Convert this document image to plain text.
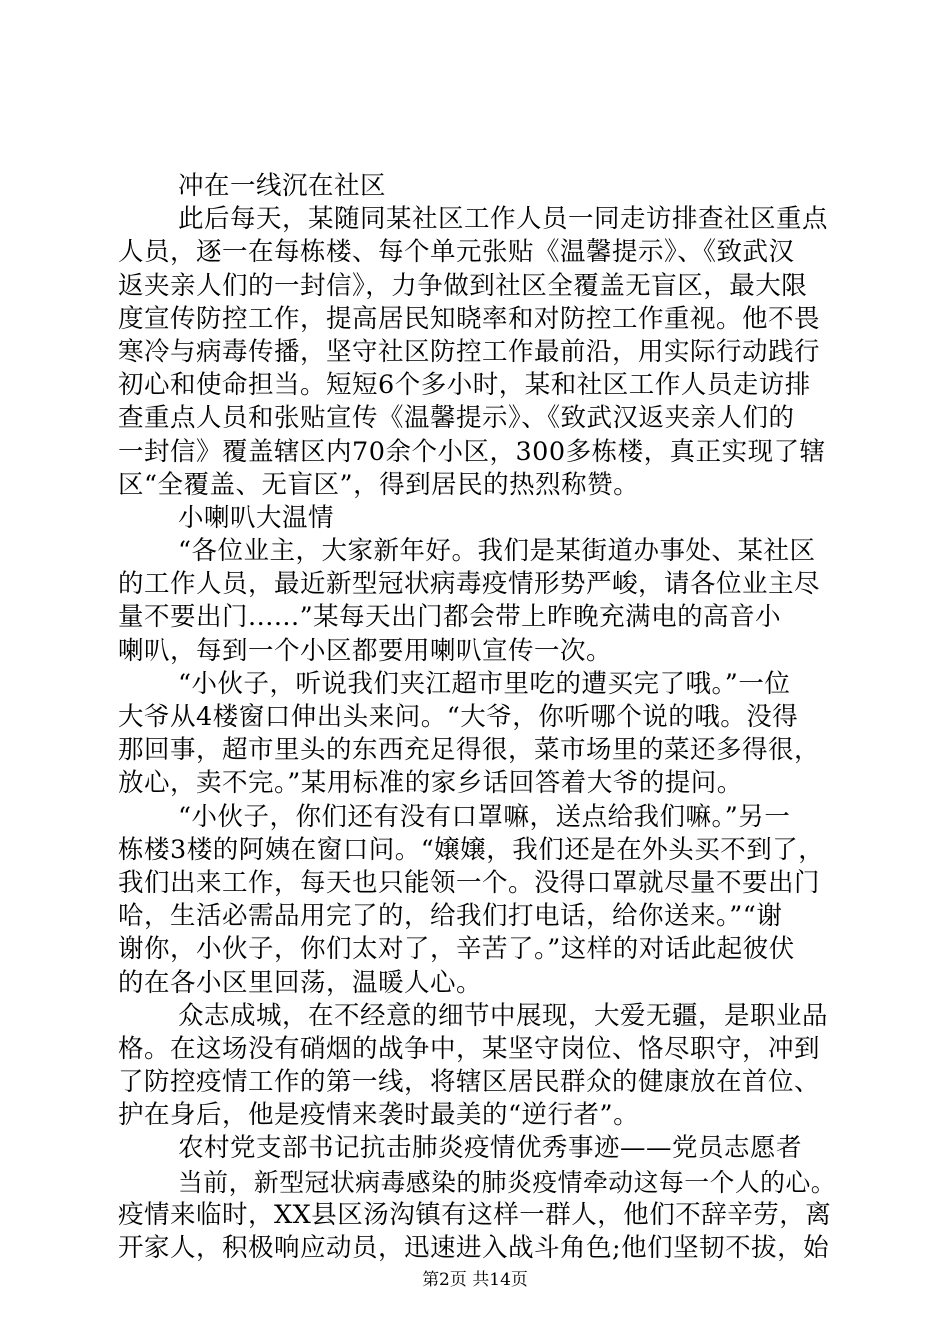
冲在一线沉在社区
此后每天，某随同某社区工作人员一同走访排查社区重点
人员，逐一在每栋楼、每个单元张贴《温馨提示》、《致武汉
返夹亲人们的一封信》，力争做到社区全覆盖无盲区，最大限
度宣传防控工作，提高居民知晓率和对防控工作重视。他不畏
寒冷与病毒传播，坚守社区防控工作最前沿，用实际行动践行
初心和使命担当。短短6个多小时，某和社区工作人员走访排
查重点人员和张贴宣传《温馨提示》、《致武汉返夹亲人们的
一封信》覆盖辖区内70余个小区，300多栋楼，真正实现了辖
区“全覆盖、无盲区”，得到居民的热烈称赞。
小喇叭大温情
“各位业主，大家新年好。我们是某街道办事处、某社区
的工作人员，最近新型冠状病毒疫情形势严峻，请各位业主尽
量不要出门......”某每天出门都会带上昨晚充满电的高音小
喇叭，每到一个小区都要用喇叭宣传一次。
“小伙子，听说我们夹江超市里吃的遭买完了哦。”一位
大爷从4楼窗口伸出头来问。“大爷，你听哪个说的哦。没得
那回事，超市里头的东西充足得很，菜市场里的菜还多得很，
放心，卖不完。”某用标准的家乡话回答着大爷的提问。
“小伙子，你们还有没有口罩嘛，送点给我们嘛。”另一
栋楼3楼的阿姨在窗口问。“嬢嬢，我们还是在外头买不到了，
我们出来工作，每天也只能领一个。没得口罩就尽量不要出门
哈，生活必需品用完了的，给我们打电话，给你送来。”“谢
谢你，小伙子，你们太对了，辛苦了。”这样的对话此起彼伏
的在各小区里回荡，温暖人心。
众志成城，在不经意的细节中展现，大爱无疆，是职业品
格。在这场没有硝烟的战争中，某坚守岗位、恪尽职守，冲到
了防控疫情工作的第一线，将辖区居民群众的健康放在首位、
护在身后，他是疫情来袭时最美的“逆行者”。
农村党支部书记抗击肺炎疫情优秀事迹——党员志愿者
当前，新型冠状病毒感染的肺炎疫情牵动这每一个人的心。
疫情来临时，XX县区汤沟镇有这样一群人，他们不辞辛劳，离
开家人，积极响应动员，迅速进入战斗角色;他们坚韧不拔，始
第2页 共14页
